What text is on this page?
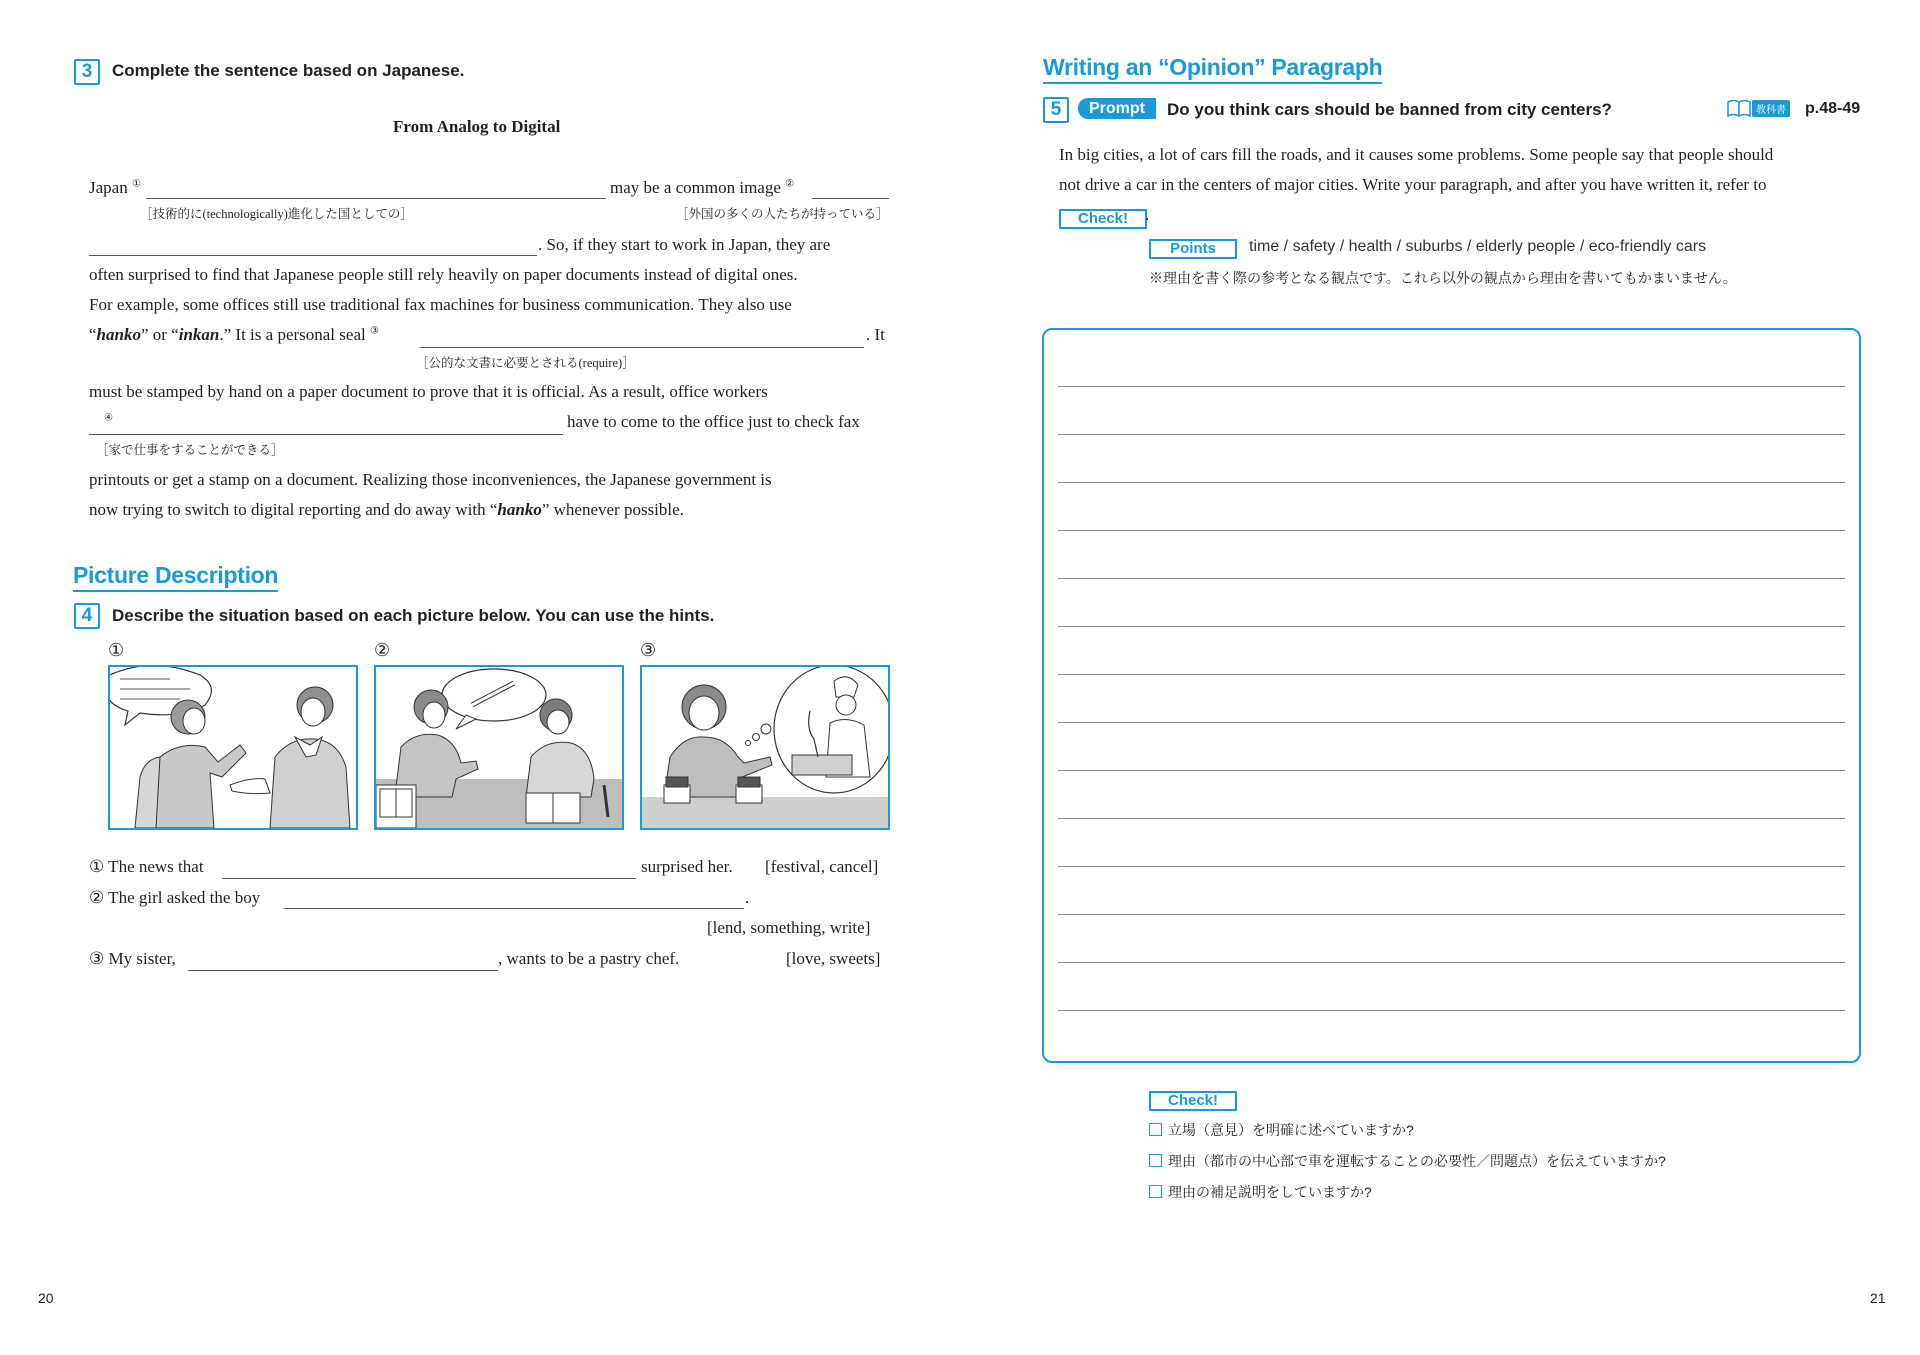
3	Complete the sentence based on Japanese.
From Analog to Digital
Japan ①	may be a common image ②
［技術的に(technologically)進化した国としての］	［外国の多くの人たちが持っている］
. So, if they start to work in Japan, they are
often surprised to find that Japanese people still rely heavily on paper documents instead of digital ones.
For example, some offices still use traditional fax machines for business communication. They also use
“hanko” or “inkan.” It is a personal seal ③	. It
［公的な文書に必要とされる(require)］
must be stamped by hand on a paper document to prove that it is official. As a result, office workers
④	have to come to the office just to check fax
［家で仕事をすることができる］
printouts or get a stamp on a document. Realizing those inconveniences, the Japanese government is
now trying to switch to digital reporting and do away with “hanko” whenever possible.
Picture Description
4	Describe the situation based on each picture below. You can use the hints.
①	②	③
① The news that	surprised her. [festival, cancel]
② The girl asked the boy	.
[lend, something, write]
③ My sister,	, wants to be a pastry chef.	[love, sweets]
20
Writing an “Opinion” Paragraph
5	Prompt	Do you think cars should be banned from city centers?	教科書 p.48-49
In big cities, a lot of cars fill the roads, and it causes some problems. Some people say that people should
not drive a car in the centers of major cities. Write your paragraph, and after you have written it, refer to
Check! .
Points	time / safety / health / suburbs / elderly people / eco-friendly cars
※理由を書く際の参考となる観点です。これら以外の観点から理由を書いてもかまいません。
Check!
立場（意見）を明確に述べていますか?
理由（都市の中心部で車を運転することの必要性／問題点）を伝えていますか?
理由の補足説明をしていますか?
21
